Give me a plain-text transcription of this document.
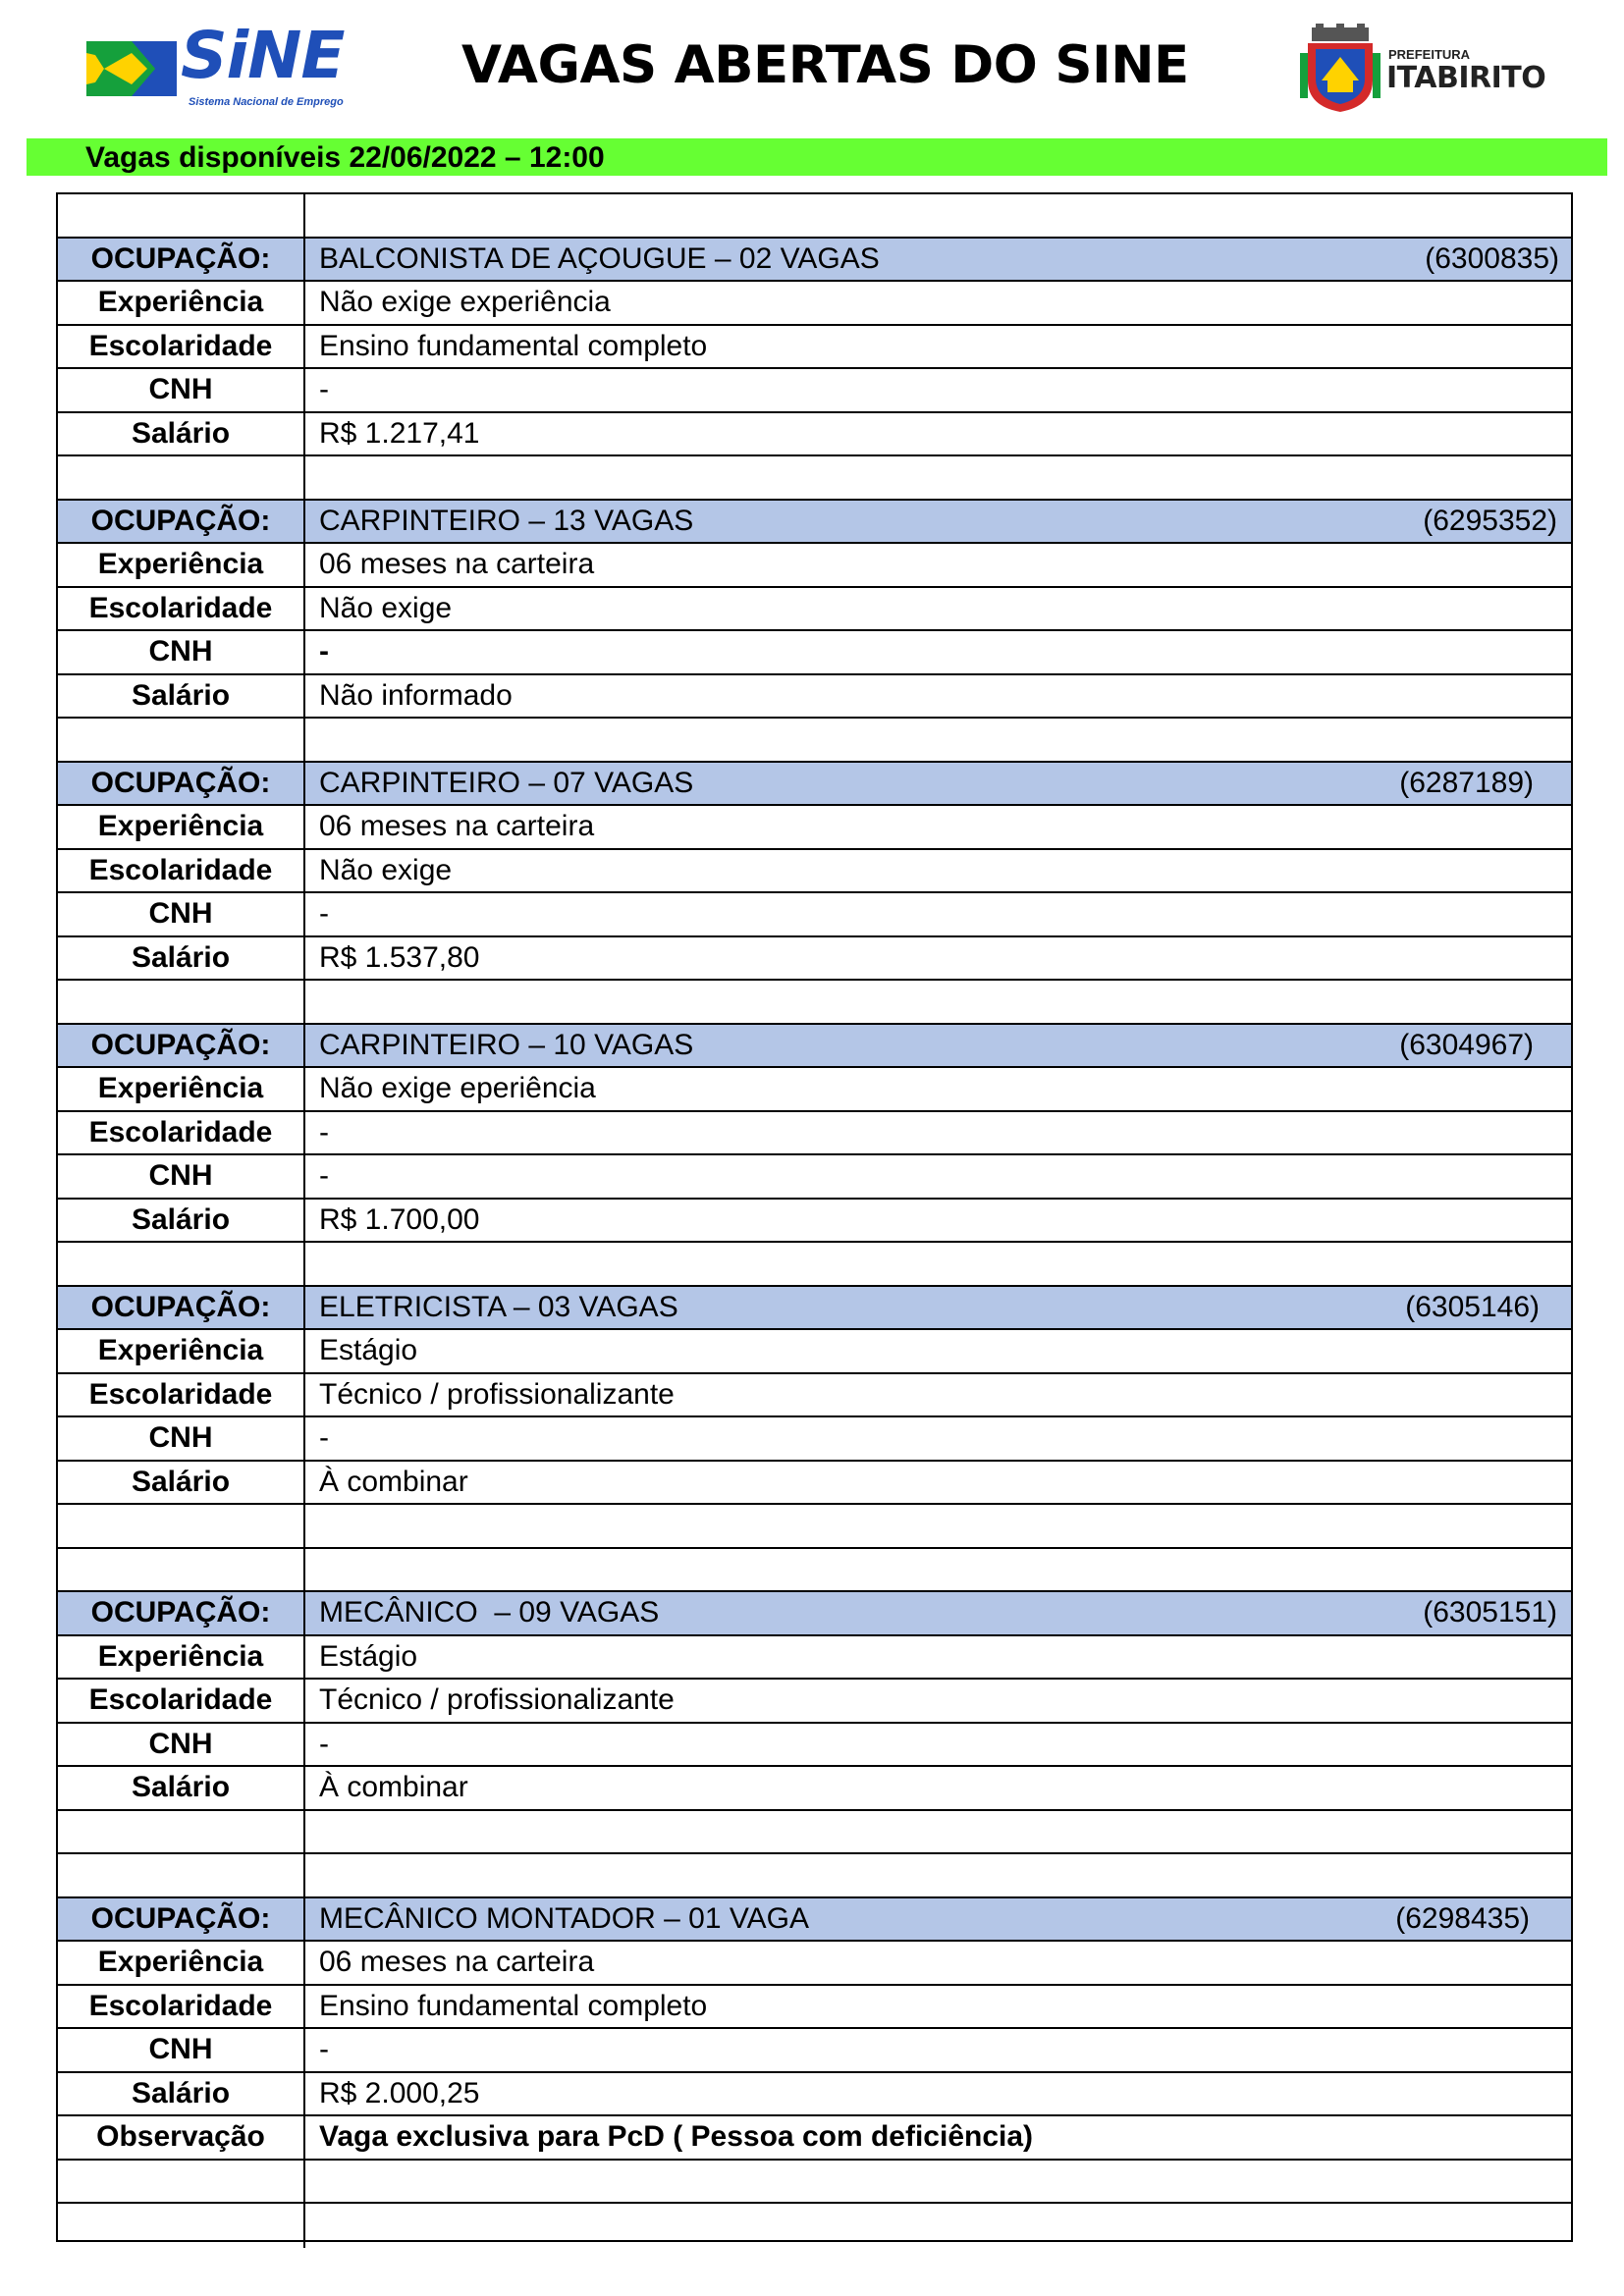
SiNE
Sistema Nacional de Emprego
VAGAS ABERTAS DO SINE	PREFEITURA
ITABIRITO
Vagas disponíveis 22/06/2022 – 12:00
OCUPAÇÃO:	BALCONISTA DE AÇOUGUE – 02 VAGAS	(6300835)
Experiência	Não exige experiência
Escolaridade	Ensino fundamental completo
CNH	-
Salário	R$ 1.217,41
OCUPAÇÃO:	CARPINTEIRO – 13 VAGAS	(6295352)
Experiência	06 meses na carteira
Escolaridade	Não exige
CNH	-
Salário	Não informado
OCUPAÇÃO:	CARPINTEIRO – 07 VAGAS	(6287189)
Experiência	06 meses na carteira
Escolaridade	Não exige
CNH	-
Salário	R$ 1.537,80
OCUPAÇÃO:	CARPINTEIRO – 10 VAGAS	(6304967)
Experiência	Não exige eperiência
Escolaridade	-
CNH	-
Salário	R$ 1.700,00
OCUPAÇÃO:	ELETRICISTA – 03 VAGAS	(6305146)
Experiência	Estágio
Escolaridade	Técnico / profissionalizante
CNH	-
Salário	À combinar
OCUPAÇÃO:	MECÂNICO  – 09 VAGAS	(6305151)
Experiência	Estágio
Escolaridade	Técnico / profissionalizante
CNH	-
Salário	À combinar
OCUPAÇÃO:	MECÂNICO MONTADOR – 01 VAGA	(6298435)
Experiência	06 meses na carteira
Escolaridade	Ensino fundamental completo
CNH	-
Salário	R$ 2.000,25
Observação	Vaga exclusiva para PcD ( Pessoa com deficiência)
